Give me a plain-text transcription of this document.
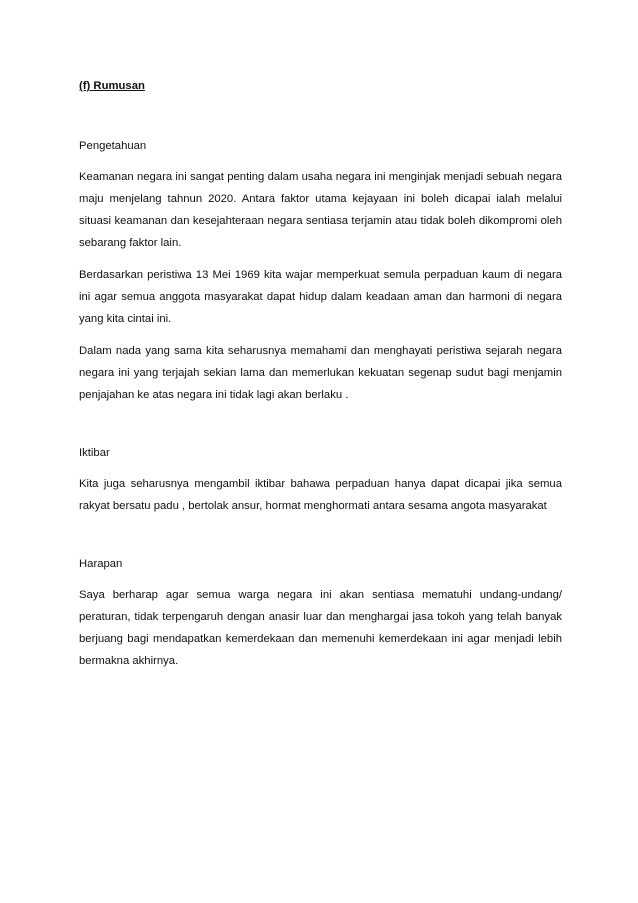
(f) Rumusan

Pengetahuan

Keamanan negara ini sangat penting dalam usaha negara ini menginjak menjadi sebuah negara maju menjelang tahnun 2020. Antara faktor utama kejayaan ini boleh dicapai ialah melalui situasi keamanan dan kesejahteraan negara sentiasa terjamin atau tidak boleh dikompromi oleh sebarang faktor lain.

Berdasarkan peristiwa 13 Mei 1969 kita wajar memperkuat semula perpaduan kaum di negara ini agar semua anggota masyarakat dapat hidup dalam keadaan aman dan harmoni di negara yang kita cintai ini.

Dalam nada yang sama kita seharusnya memahami dan menghayati peristiwa sejarah negara negara ini yang terjajah sekian lama dan memerlukan kekuatan segenap sudut bagi menjamin penjajahan ke atas negara ini tidak lagi akan berlaku .

Iktibar

Kita juga seharusnya mengambil iktibar bahawa perpaduan hanya dapat dicapai jika semua rakyat bersatu padu , bertolak ansur, hormat menghormati antara sesama angota masyarakat

Harapan

Saya berharap agar semua warga negara ini akan sentiasa mematuhi undang-undang/ peraturan, tidak terpengaruh dengan anasir luar dan menghargai jasa tokoh yang telah banyak berjuang bagi mendapatkan kemerdekaan dan memenuhi kemerdekaan ini agar menjadi lebih bermakna akhirnya.
